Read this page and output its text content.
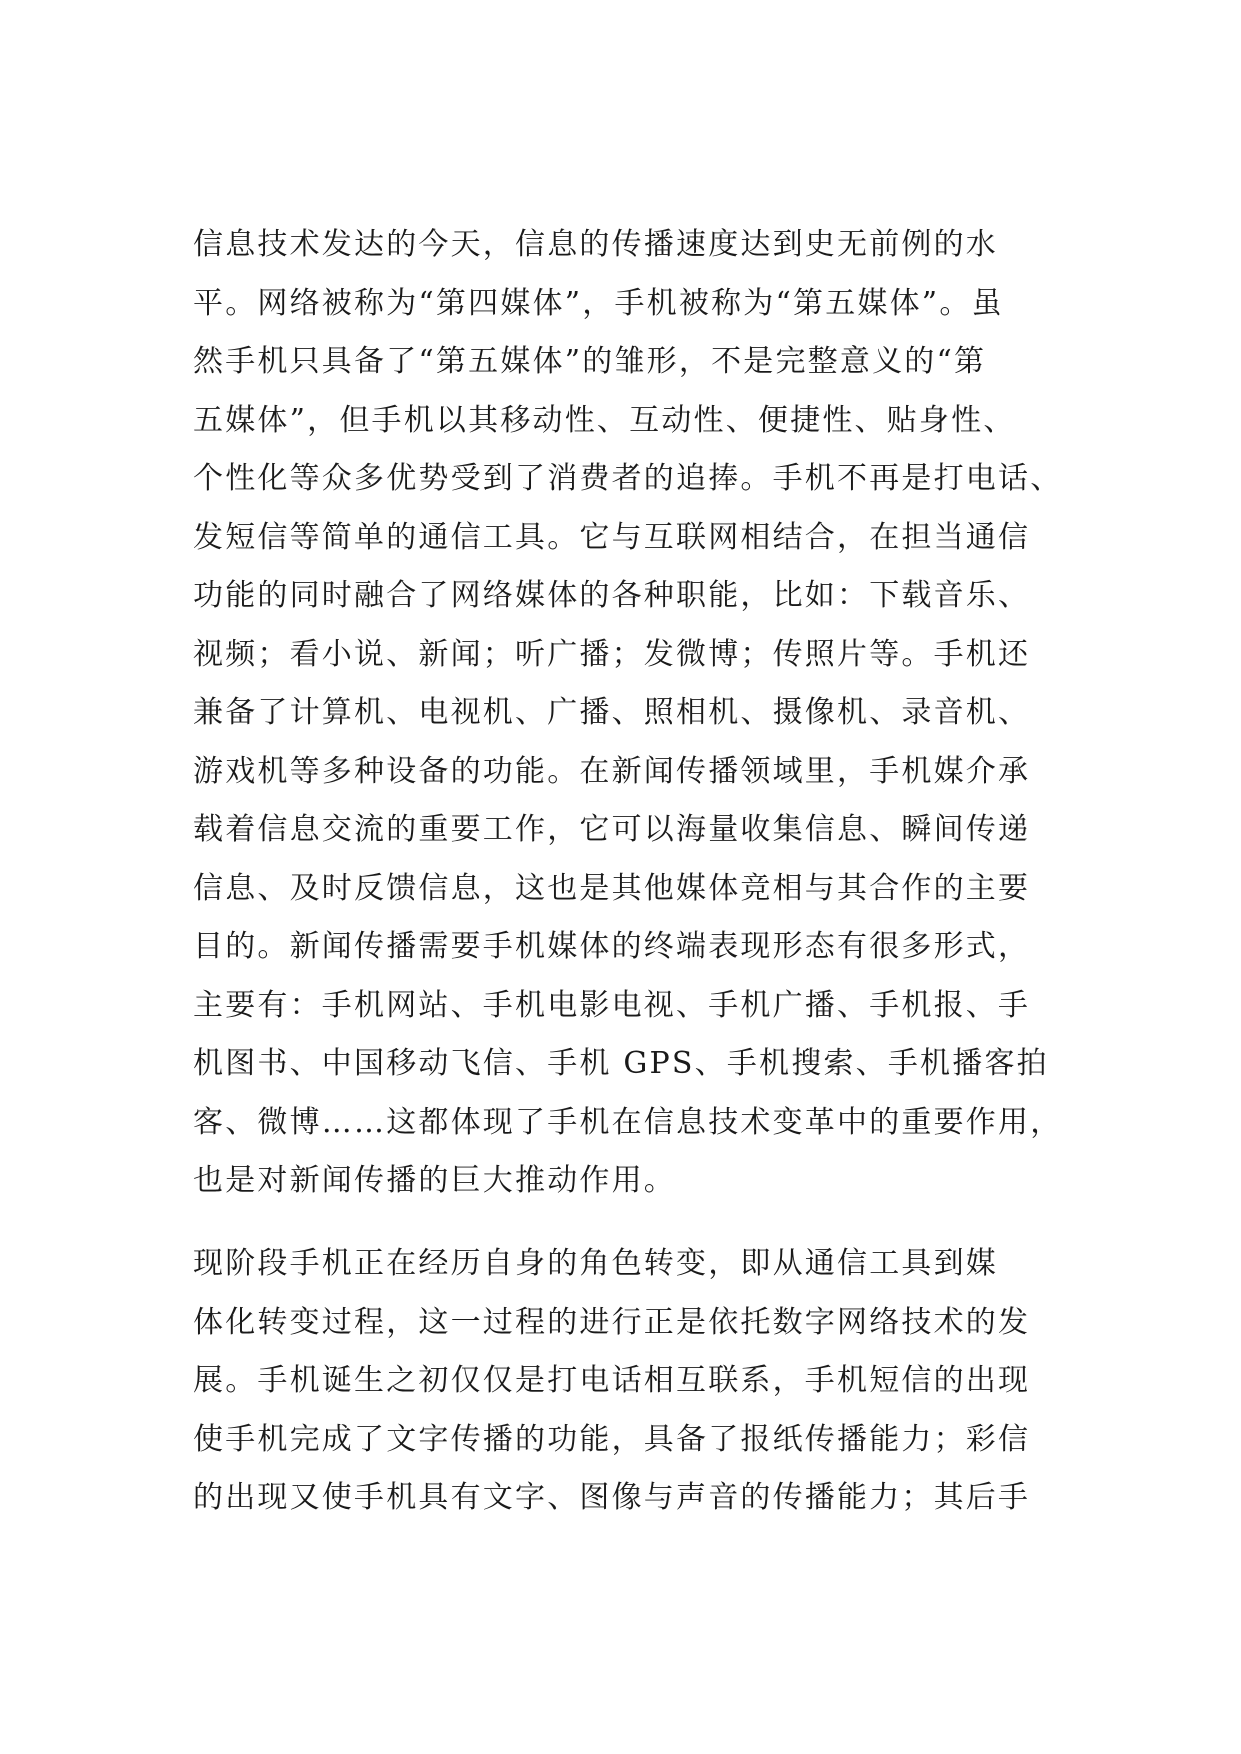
信息技术发达的今天，信息的传播速度达到史无前例的水
平。网络被称为“第四媒体”，手机被称为“第五媒体”。虽
然手机只具备了“第五媒体”的雏形，不是完整意义的“第
五媒体”，但手机以其移动性、互动性、便捷性、贴身性、
个性化等众多优势受到了消费者的追捧。手机不再是打电话、
发短信等简单的通信工具。它与互联网相结合，在担当通信
功能的同时融合了网络媒体的各种职能，比如：下载音乐、
视频；看小说、新闻；听广播；发微博；传照片等。手机还
兼备了计算机、电视机、广播、照相机、摄像机、录音机、
游戏机等多种设备的功能。在新闻传播领域里，手机媒介承
载着信息交流的重要工作，它可以海量收集信息、瞬间传递
信息、及时反馈信息，这也是其他媒体竞相与其合作的主要
目的。新闻传播需要手机媒体的终端表现形态有很多形式，
主要有：手机网站、手机电影电视、手机广播、手机报、手
机图书、中国移动飞信、手机 GPS、手机搜索、手机播客拍
客、微博……这都体现了手机在信息技术变革中的重要作用，
也是对新闻传播的巨大推动作用。
现阶段手机正在经历自身的角色转变，即从通信工具到媒
体化转变过程，这一过程的进行正是依托数字网络技术的发
展。手机诞生之初仅仅是打电话相互联系，手机短信的出现
使手机完成了文字传播的功能，具备了报纸传播能力；彩信
的出现又使手机具有文字、图像与声音的传播能力；其后手
